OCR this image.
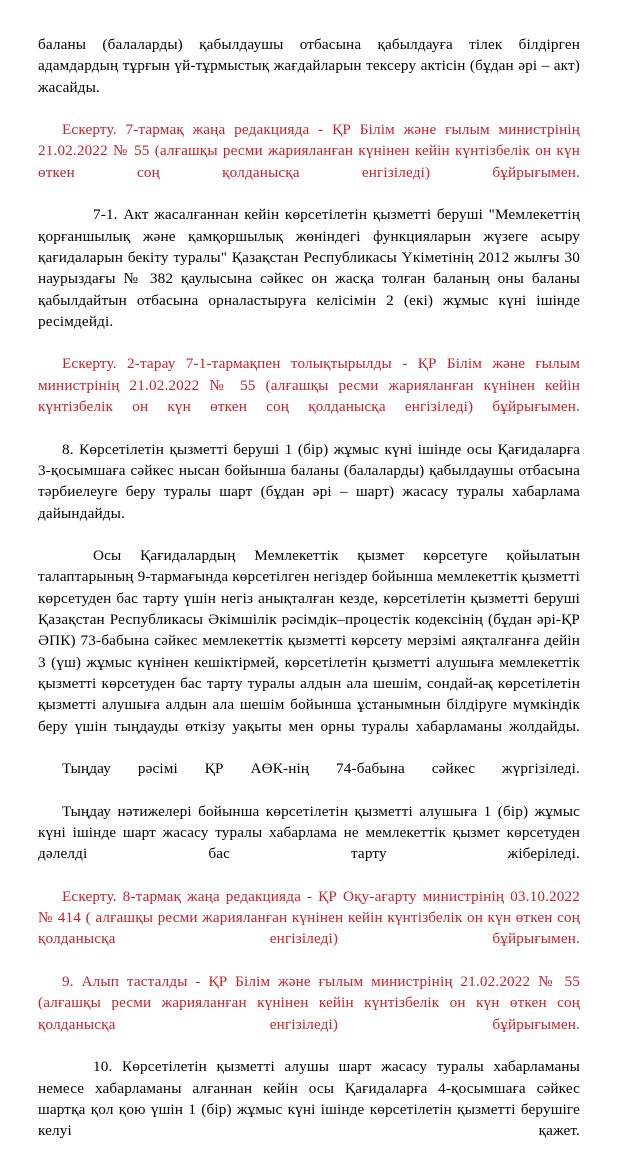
баланы (балаларды) қабылдаушы отбасына қабылдауға тілек білдірген адамдардың тұрғын үй-тұрмыстық жағдайларын тексеру актісін (бұдан әрі – акт) жасайды.

Ескерту. 7-тармақ жаңа редакцияда - ҚР Білім және ғылым министрінің 21.02.2022 № 55 (алғашқы ресми жарияланған күнінен кейін күнтізбелік он күн өткен соң қолданысқа енгізіледі) бұйрығымен.

7-1. Акт жасалғаннан кейін көрсетілетін қызметті беруші "Мемлекеттің қорғаншылық және қамқоршылық жөніндегі функцияларын жүзеге асыру қағидаларын бекіту туралы" Қазақстан Республикасы Үкіметінің 2012 жылғы 30 наурыздағы № 382 қаулысына сәйкес он жасқа толған баланың оны баланы қабылдайтын отбасына орналастыруға келісімін 2 (екі) жұмыс күні ішінде ресімдейді.

Ескерту. 2-тарау 7-1-тармақпен толықтырылды - ҚР Білім және ғылым министрінің 21.02.2022 № 55 (алғашқы ресми жарияланған күнінен кейін күнтізбелік он күн өткен соң қолданысқа енгізіледі) бұйрығымен.

8. Көрсетілетін қызметті беруші 1 (бір) жұмыс күні ішінде осы Қағидаларға 3-қосымшаға сәйкес нысан бойынша баланы (балаларды) қабылдаушы отбасына тәрбиелеуге беру туралы шарт (бұдан әрі – шарт) жасасу туралы хабарлама дайындайды.

Осы Қағидалардың Мемлекеттік қызмет көрсетуге қойылатын талаптарының 9-тармағында көрсетілген негіздер бойынша мемлекеттік қызметті көрсетуден бас тарту үшін негіз анықталған кезде, көрсетілетін қызметті беруші Қазақстан Республикасы Әкімшілік рәсімдік–процестік кодексінің (бұдан әрі-ҚР ӘПК) 73-бабына сәйкес мемлекеттік қызметті көрсету мерзімі аяқталғанға дейін 3 (үш) жұмыс күнінен кешіктірмей, көрсетілетін қызметті алушыға мемлекеттік қызметті көрсетуден бас тарту туралы алдын ала шешім, сондай-ақ көрсетілетін қызметті алушыға алдын ала шешім бойынша ұстанымнын білдіруге мүмкіндік беру үшін тыңдауды өткізу уақыты мен орны туралы хабарламаны жолдайды.

Тыңдау рәсімі ҚР АӨК-нің 74-бабына сәйкес жүргізіледі.

Тыңдау нәтижелері бойынша көрсетілетін қызметті алушыға 1 (бір) жұмыс күні ішінде шарт жасасу туралы хабарлама не мемлекеттік қызмет көрсетуден дәлелді бас тарту жіберіледі.

Ескерту. 8-тармақ жаңа редакцияда - ҚР Оқу-ағарту министрінің 03.10.2022 № 414 ( алғашқы ресми жарияланған күнінен кейін күнтізбелік он күн өткен соң қолданысқа енгізіледі) бұйрығымен.

9. Алып тасталды - ҚР Білім және ғылым министрінің 21.02.2022 № 55 (алғашқы ресми жарияланған күнінен кейін күнтізбелік он күн өткен соң қолданысқа енгізіледі) бұйрығымен.

10. Көрсетілетін қызметті алушы шарт жасасу туралы хабарламаны немесе хабарламаны алғаннан кейін осы Қағидаларға 4-қосымшаға сәйкес шартқа қол қою үшін 1 (бір) жұмыс күні ішінде көрсетілетін қызметті берушіге келуі қажет.
